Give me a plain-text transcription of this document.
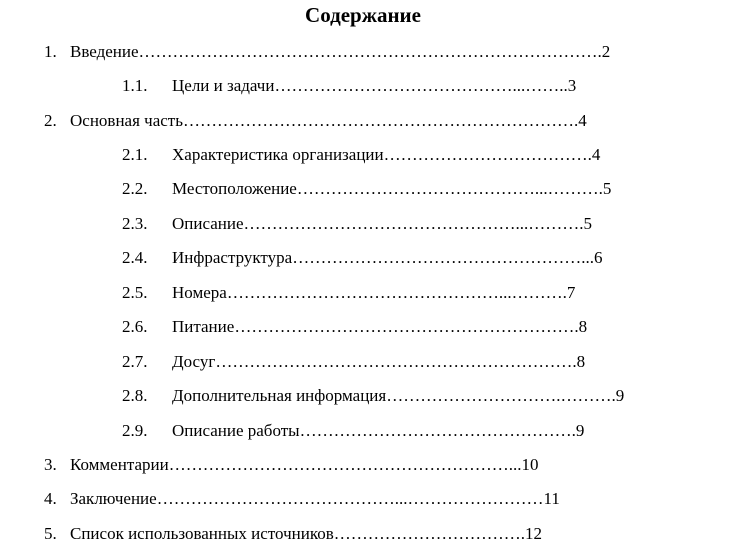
Содержание
1. Введение……………………………………………………………………….2
1.1. Цели и задачи……………………………………...……..3
2. Основная часть…………………………………………………………….4
2.1. Характеристика организации……………………………….4
2.2. Местоположение……………………………………...……….5
2.3. Описание…………………………………………...……….5
2.4. Инфраструктура……………………………………………...6
2.5. Номера…………………………………………...……….7
2.6. Питание…………………………………………………….8
2.7. Досуг……………………………………………………….8
2.8. Дополнительная информация………………………….……….9
2.9. Описание работы………………………………………….9
3. Комментарии……………………………………………………...10
4. Заключение……………………………………...……………………11
5. Список использованных источников…………………………….12
